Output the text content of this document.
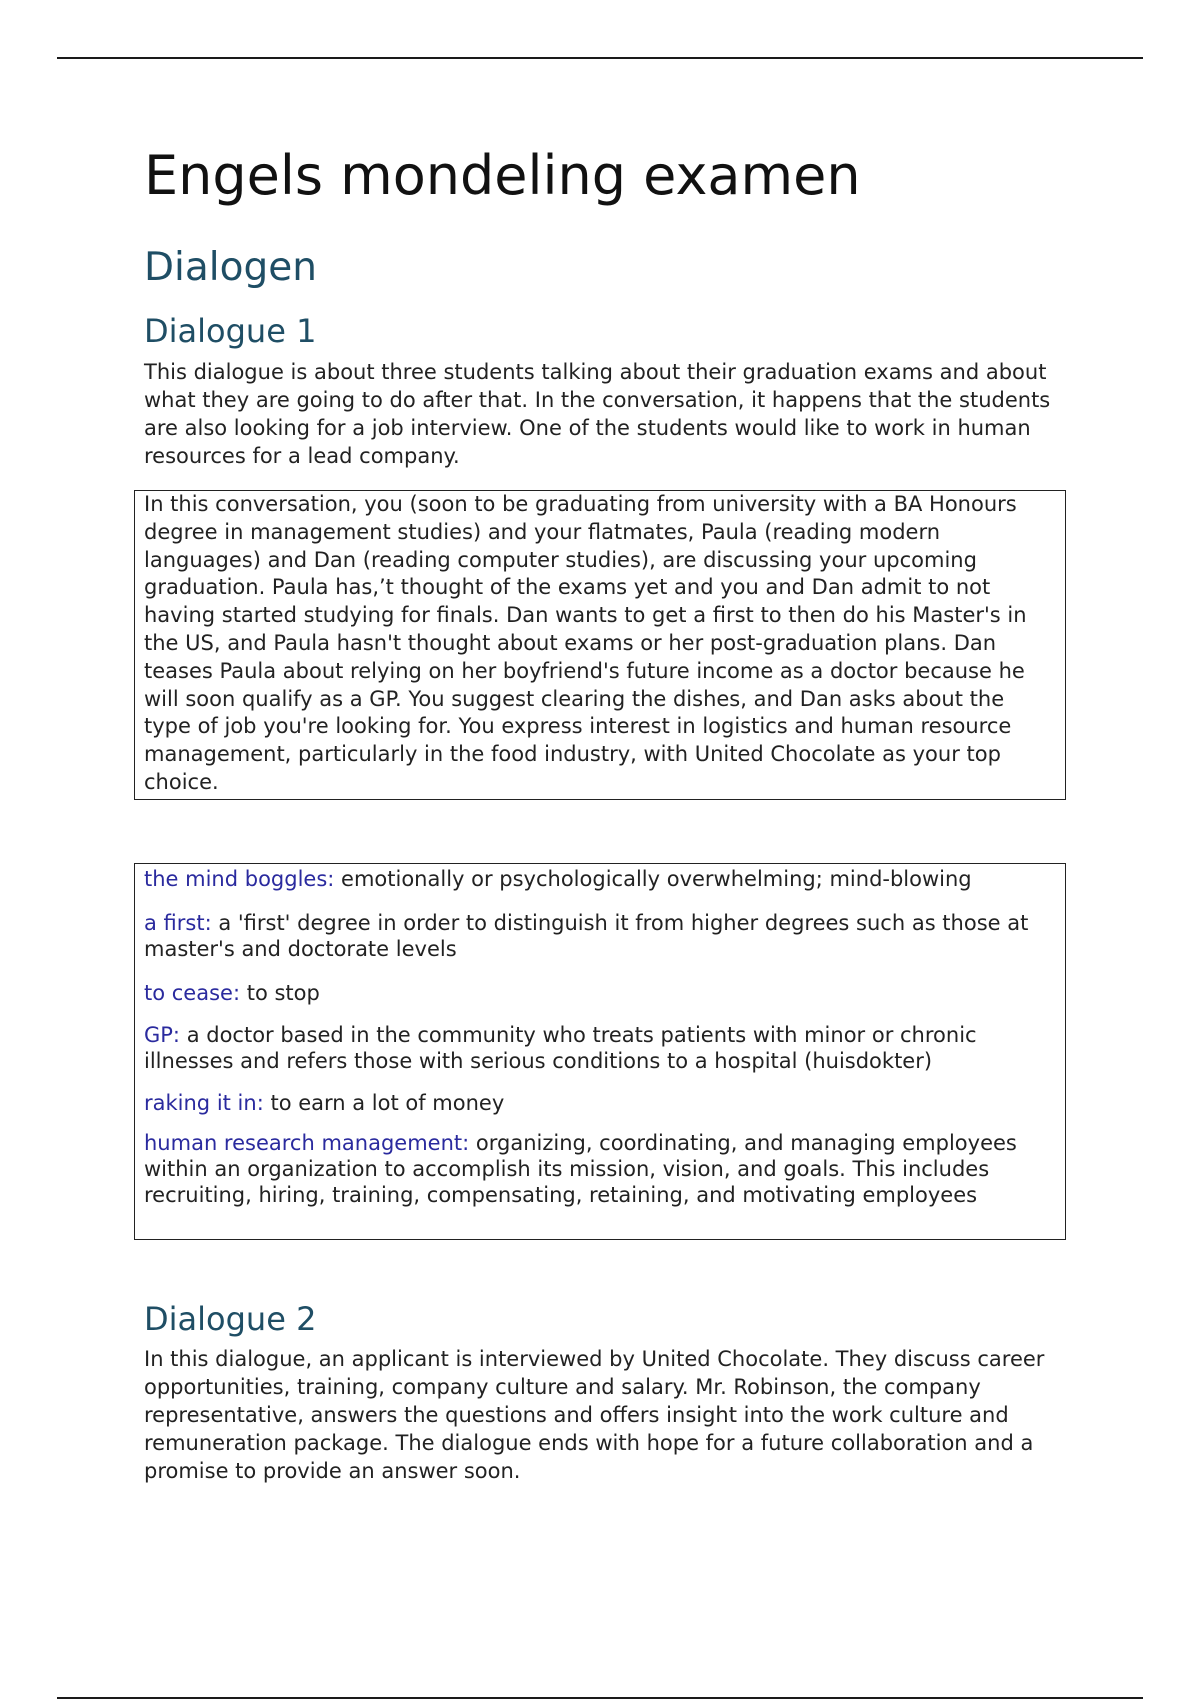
Engels mondeling examen
Dialogen
Dialogue 1

This dialogue is about three students talking about their graduation exams and about what they are going to do after that. In the conversation, it happens that the students are also looking for a job interview. One of the students would like to work in human resources for a lead company.

In this conversation, you (soon to be graduating from university with a BA Honours degree in management studies) and your flatmates, Paula (reading modern languages) and Dan (reading computer studies), are discussing your upcoming graduation. Paula has,’t thought of the exams yet and you and Dan admit to not having started studying for finals. Dan wants to get a first to then do his Master's in the US, and Paula hasn't thought about exams or her post-graduation plans. Dan teases Paula about relying on her boyfriend's future income as a doctor because he will soon qualify as a GP. You suggest clearing the dishes, and Dan asks about the type of job you're looking for. You express interest in logistics and human resource management, particularly in the food industry, with United Chocolate as your top choice.

the mind boggles: emotionally or psychologically overwhelming; mind-blowing

a first: a 'first' degree in order to distinguish it from higher degrees such as those at master's and doctorate levels

to cease: to stop

GP: a doctor based in the community who treats patients with minor or chronic illnesses and refers those with serious conditions to a hospital (huisdokter)

raking it in: to earn a lot of money

human research management: organizing, coordinating, and managing employees within an organization to accomplish its mission, vision, and goals. This includes recruiting, hiring, training, compensating, retaining, and motivating employees

Dialogue 2

In this dialogue, an applicant is interviewed by United Chocolate. They discuss career opportunities, training, company culture and salary. Mr. Robinson, the company representative, answers the questions and offers insight into the work culture and remuneration package. The dialogue ends with hope for a future collaboration and a promise to provide an answer soon.
